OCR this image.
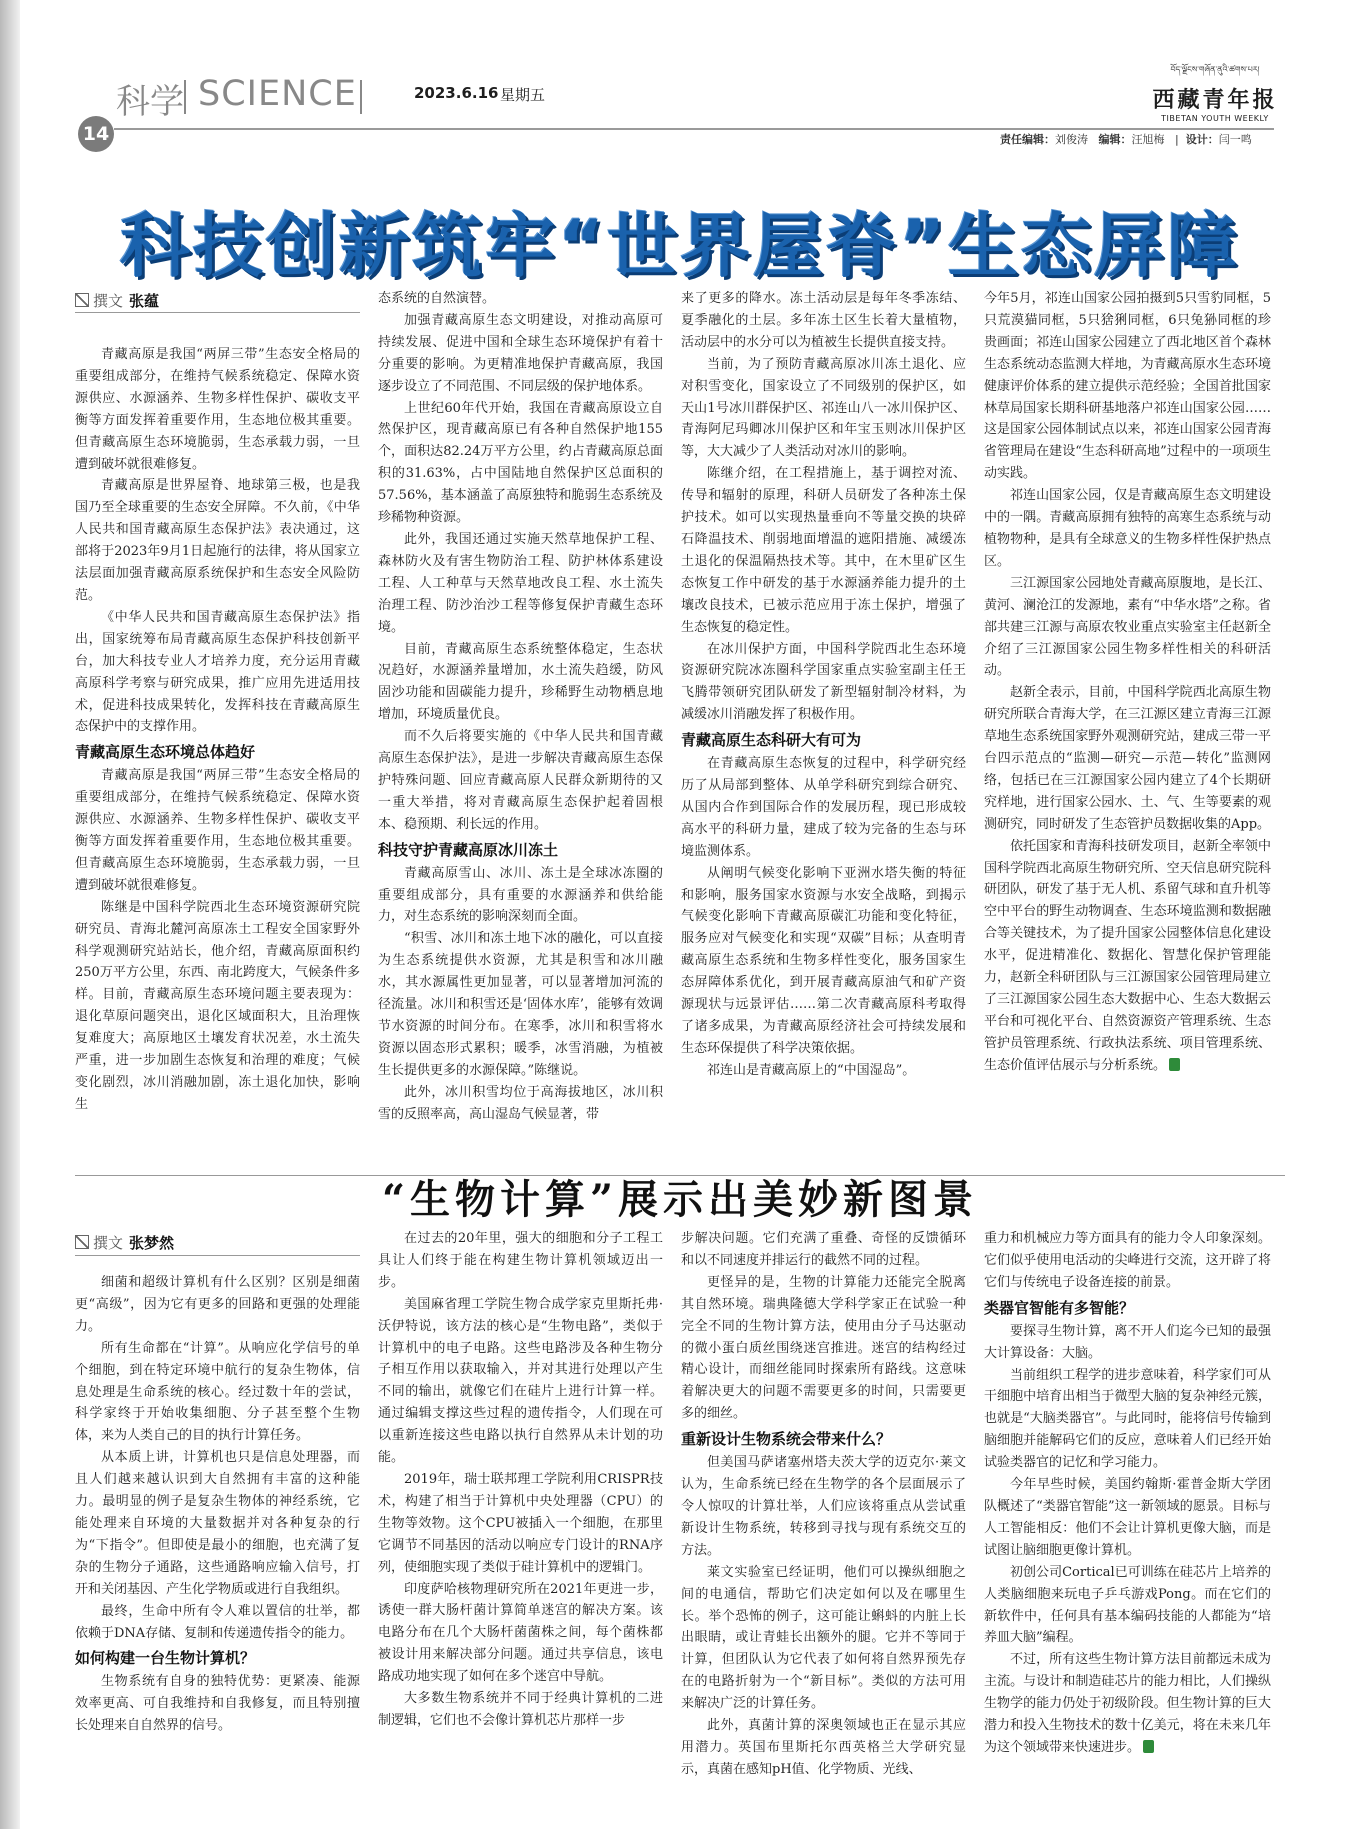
科学 SCIENCE
14
2023.6.16 星期五
བོད་ལྗོངས་གཞོན་ནུའི་ཚགས་པར།
西藏青年报
TIBETAN YOUTH WEEKLY
责任编辑：刘俊涛 编辑：汪旭梅   |  设计：闫一鸣
科技创新筑牢“世界屋脊”生态屏障
撰文 张蕴

青藏高原是我国“两屏三带”生态安全格局的重要组成部分，在维持气候系统稳定、保障水资源供应、水源涵养、生物多样性保护、碳收支平衡等方面发挥着重要作用，生态地位极其重要。但青藏高原生态环境脆弱，生态承载力弱，一旦遭到破坏就很难修复。

青藏高原是世界屋脊、地球第三极，也是我国乃至全球重要的生态安全屏障。不久前，《中华人民共和国青藏高原生态保护法》表决通过，这部将于2023年9月1日起施行的法律，将从国家立法层面加强青藏高原系统保护和生态安全风险防范。

《中华人民共和国青藏高原生态保护法》指出，国家统筹布局青藏高原生态保护科技创新平台，加大科技专业人才培养力度，充分运用青藏高原科学考察与研究成果，推广应用先进适用技术，促进科技成果转化，发挥科技在青藏高原生态保护中的支撑作用。

青藏高原生态环境总体趋好

青藏高原是我国“两屏三带”生态安全格局的重要组成部分，在维持气候系统稳定、保障水资源供应、水源涵养、生物多样性保护、碳收支平衡等方面发挥着重要作用，生态地位极其重要。但青藏高原生态环境脆弱，生态承载力弱，一旦遭到破坏就很难修复。

陈继是中国科学院西北生态环境资源研究院研究员、青海北麓河高原冻土工程安全国家野外科学观测研究站站长，他介绍，青藏高原面积约250万平方公里，东西、南北跨度大，气候条件多样。目前，青藏高原生态环境问题主要表现为：退化草原问题突出，退化区域面积大，且治理恢复难度大；高原地区土壤发育状况差，水土流失严重，进一步加剧生态恢复和治理的难度；气候变化剧烈，冰川消融加剧，冻土退化加快，影响生

态系统的自然演替。

加强青藏高原生态文明建设，对推动高原可持续发展、促进中国和全球生态环境保护有着十分重要的影响。为更精准地保护青藏高原，我国逐步设立了不同范围、不同层级的保护地体系。

上世纪60年代开始，我国在青藏高原设立自然保护区，现青藏高原已有各种自然保护地155个，面积达82.24万平方公里，约占青藏高原总面积的31.63%，占中国陆地自然保护区总面积的57.56%，基本涵盖了高原独特和脆弱生态系统及珍稀物种资源。

此外，我国还通过实施天然草地保护工程、森林防火及有害生物防治工程、防护林体系建设工程、人工种草与天然草地改良工程、水土流失治理工程、防沙治沙工程等修复保护青藏生态环境。

目前，青藏高原生态系统整体稳定，生态状况趋好，水源涵养量增加，水土流失趋缓，防风固沙功能和固碳能力提升，珍稀野生动物栖息地增加，环境质量优良。

而不久后将要实施的《中华人民共和国青藏高原生态保护法》，是进一步解决青藏高原生态保护特殊问题、回应青藏高原人民群众新期待的又一重大举措，将对青藏高原生态保护起着固根本、稳预期、利长远的作用。

科技守护青藏高原冰川冻土

青藏高原雪山、冰川、冻土是全球冰冻圈的重要组成部分，具有重要的水源涵养和供给能力，对生态系统的影响深刻而全面。

“积雪、冰川和冻土地下冰的融化，可以直接为生态系统提供水资源，尤其是积雪和冰川融水，其水源属性更加显著，可以显著增加河流的径流量。冰川和积雪还是‘固体水库’，能够有效调节水资源的时间分布。在寒季，冰川和积雪将水资源以固态形式累积；暖季，冰雪消融，为植被生长提供更多的水源保障。”陈继说。

此外，冰川积雪均位于高海拔地区，冰川积雪的反照率高，高山湿岛气候显著，带

来了更多的降水。冻土活动层是每年冬季冻结、夏季融化的土层。多年冻土区生长着大量植物，活动层中的水分可以为植被生长提供直接支持。

当前，为了预防青藏高原冰川冻土退化、应对积雪变化，国家设立了不同级别的保护区，如天山1号冰川群保护区、祁连山八一冰川保护区、青海阿尼玛卿冰川保护区和年宝玉则冰川保护区等，大大减少了人类活动对冰川的影响。

陈继介绍，在工程措施上，基于调控对流、传导和辐射的原理，科研人员研发了各种冻土保护技术。如可以实现热量垂向不等量交换的块碎石降温技术、削弱地面增温的遮阳措施、减缓冻土退化的保温隔热技术等。其中，在木里矿区生态恢复工作中研发的基于水源涵养能力提升的土壤改良技术，已被示范应用于冻土保护，增强了生态恢复的稳定性。

在冰川保护方面，中国科学院西北生态环境资源研究院冰冻圈科学国家重点实验室副主任王飞腾带领研究团队研发了新型辐射制冷材料，为减缓冰川消融发挥了积极作用。

青藏高原生态科研大有可为

在青藏高原生态恢复的过程中，科学研究经历了从局部到整体、从单学科研究到综合研究、从国内合作到国际合作的发展历程，现已形成较高水平的科研力量，建成了较为完备的生态与环境监测体系。

从阐明气候变化影响下亚洲水塔失衡的特征和影响，服务国家水资源与水安全战略，到揭示气候变化影响下青藏高原碳汇功能和变化特征，服务应对气候变化和实现“双碳”目标；从查明青藏高原生态系统和生物多样性变化，服务国家生态屏障体系优化，到开展青藏高原油气和矿产资源现状与远景评估……第二次青藏高原科考取得了诸多成果，为青藏高原经济社会可持续发展和生态环保提供了科学决策依据。

祁连山是青藏高原上的“中国湿岛”。

今年5月，祁连山国家公园拍摄到5只雪豹同框，5只荒漠猫同框，5只猞猁同框，6只兔狲同框的珍贵画面；祁连山国家公园建立了西北地区首个森林生态系统动态监测大样地，为青藏高原水生态环境健康评价体系的建立提供示范经验；全国首批国家林草局国家长期科研基地落户祁连山国家公园……这是国家公园体制试点以来，祁连山国家公园青海省管理局在建设“生态科研高地”过程中的一项项生动实践。

祁连山国家公园，仅是青藏高原生态文明建设中的一隅。青藏高原拥有独特的高寒生态系统与动植物物种，是具有全球意义的生物多样性保护热点区。

三江源国家公园地处青藏高原腹地，是长江、黄河、澜沧江的发源地，素有“中华水塔”之称。省部共建三江源与高原农牧业重点实验室主任赵新全介绍了三江源国家公园生物多样性相关的科研活动。

赵新全表示，目前，中国科学院西北高原生物研究所联合青海大学，在三江源区建立青海三江源草地生态系统国家野外观测研究站，建成三带一平台四示范点的“监测—研究—示范—转化”监测网络，包括已在三江源国家公园内建立了4个长期研究样地，进行国家公园水、土、气、生等要素的观测研究，同时研发了生态管护员数据收集的App。

依托国家和青海科技研发项目，赵新全率领中国科学院西北高原生物研究所、空天信息研究院科研团队，研发了基于无人机、系留气球和直升机等空中平台的野生动物调查、生态环境监测和数据融合等关键技术，为了提升国家公园整体信息化建设水平，促进精准化、数据化、智慧化保护管理能力，赵新全科研团队与三江源国家公园管理局建立了三江源国家公园生态大数据中心、生态大数据云平台和可视化平台、自然资源资产管理系统、生态管护员管理系统、行政执法系统、项目管理系统、生态价值评估展示与分析系统。

“生物计算”展示出美妙新图景
撰文 张梦然

细菌和超级计算机有什么区别？区别是细菌更“高级”，因为它有更多的回路和更强的处理能力。

所有生命都在“计算”。从响应化学信号的单个细胞，到在特定环境中航行的复杂生物体，信息处理是生命系统的核心。经过数十年的尝试，科学家终于开始收集细胞、分子甚至整个生物体，来为人类自己的目的执行计算任务。

从本质上讲，计算机也只是信息处理器，而且人们越来越认识到大自然拥有丰富的这种能力。最明显的例子是复杂生物体的神经系统，它能处理来自环境的大量数据并对各种复杂的行为“下指令”。但即使是最小的细胞，也充满了复杂的生物分子通路，这些通路响应输入信号，打开和关闭基因、产生化学物质或进行自我组织。

最终，生命中所有令人难以置信的壮举，都依赖于DNA存储、复制和传递遗传指令的能力。

如何构建一台生物计算机？

生物系统有自身的独特优势：更紧凑、能源效率更高、可自我维持和自我修复，而且特别擅长处理来自自然界的信号。

在过去的20年里，强大的细胞和分子工程工具让人们终于能在构建生物计算机领域迈出一步。

美国麻省理工学院生物合成学家克里斯托弗·沃伊特说，该方法的核心是“生物电路”，类似于计算机中的电子电路。这些电路涉及各种生物分子相互作用以获取输入，并对其进行处理以产生不同的输出，就像它们在硅片上进行计算一样。通过编辑支撑这些过程的遗传指令，人们现在可以重新连接这些电路以执行自然界从未计划的功能。

2019年，瑞士联邦理工学院利用CRISPR技术，构建了相当于计算机中央处理器（CPU）的生物等效物。这个CPU被插入一个细胞，在那里它调节不同基因的活动以响应专门设计的RNA序列，使细胞实现了类似于硅计算机中的逻辑门。

印度萨哈核物理研究所在2021年更进一步，诱使一群大肠杆菌计算简单迷宫的解决方案。该电路分布在几个大肠杆菌菌株之间，每个菌株都被设计用来解决部分问题。通过共享信息，该电路成功地实现了如何在多个迷宫中导航。

大多数生物系统并不同于经典计算机的二进制逻辑，它们也不会像计算机芯片那样一步

步解决问题。它们充满了重叠、奇怪的反馈循环和以不同速度并排运行的截然不同的过程。

更怪异的是，生物的计算能力还能完全脱离其自然环境。瑞典隆德大学科学家正在试验一种完全不同的生物计算方法，使用由分子马达驱动的微小蛋白质丝围绕迷宫推进。迷宫的结构经过精心设计，而细丝能同时探索所有路线。这意味着解决更大的问题不需要更多的时间，只需要更多的细丝。

重新设计生物系统会带来什么？

但美国马萨诸塞州塔夫茨大学的迈克尔·莱文认为，生命系统已经在生物学的各个层面展示了令人惊叹的计算壮举，人们应该将重点从尝试重新设计生物系统，转移到寻找与现有系统交互的方法。

莱文实验室已经证明，他们可以操纵细胞之间的电通信，帮助它们决定如何以及在哪里生长。举个恐怖的例子，这可能让蝌蚪的内脏上长出眼睛，或让青蛙长出额外的腿。它并不等同于计算，但团队认为它代表了如何将自然界预先存在的电路折射为一个“新目标”。类似的方法可用来解决广泛的计算任务。

此外，真菌计算的深奥领域也正在显示其应用潜力。英国布里斯托尔西英格兰大学研究显示，真菌在感知pH值、化学物质、光线、

重力和机械应力等方面具有的能力令人印象深刻。它们似乎使用电活动的尖峰进行交流，这开辟了将它们与传统电子设备连接的前景。

类器官智能有多智能？

要探寻生物计算，离不开人们迄今已知的最强大计算设备：大脑。

当前组织工程学的进步意味着，科学家们可从干细胞中培育出相当于微型大脑的复杂神经元簇，也就是“大脑类器官”。与此同时，能将信号传输到脑细胞并能解码它们的反应，意味着人们已经开始试验类器官的记忆和学习能力。

今年早些时候，美国约翰斯·霍普金斯大学团队概述了“类器官智能”这一新领域的愿景。目标与人工智能相反：他们不会让计算机更像大脑，而是试图让脑细胞更像计算机。

初创公司Cortical已可训练在硅芯片上培养的人类脑细胞来玩电子乒乓游戏Pong。而在它们的新软件中，任何具有基本编码技能的人都能为“培养皿大脑”编程。

不过，所有这些生物计算方法目前都远未成为主流。与设计和制造硅芯片的能力相比，人们操纵生物学的能力仍处于初级阶段。但生物计算的巨大潜力和投入生物技术的数十亿美元，将在未来几年为这个领域带来快速进步。
